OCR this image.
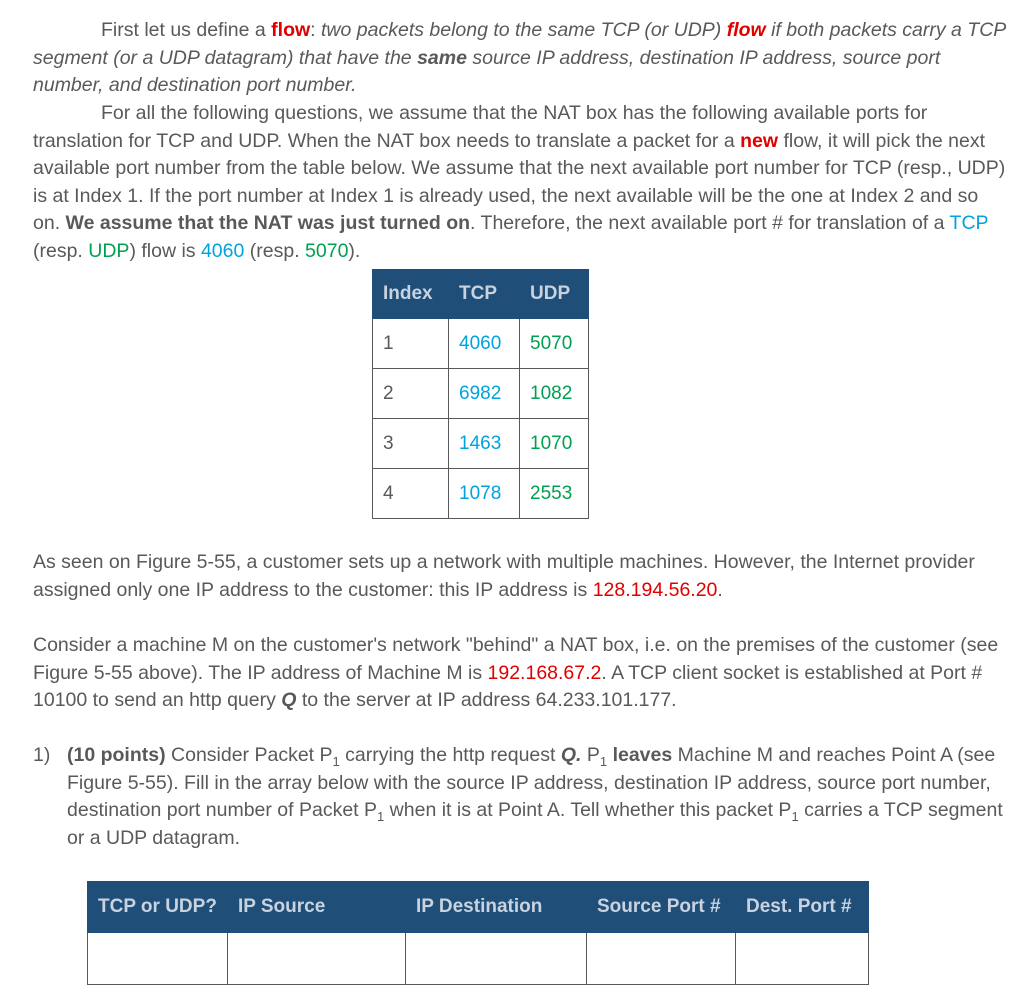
First let us define a flow: two packets belong to the same TCP (or UDP) flow if both packets carry a TCP segment (or a UDP datagram) that have the same source IP address, destination IP address, source port number, and destination port number.

For all the following questions, we assume that the NAT box has the following available ports for translation for TCP and UDP. When the NAT box needs to translate a packet for a new flow, it will pick the next available port number from the table below. We assume that the next available port number for TCP (resp., UDP) is at Index 1. If the port number at Index 1 is already used, the next available will be the one at Index 2 and so on. We assume that the NAT was just turned on. Therefore, the next available port # for translation of a TCP (resp. UDP) flow is 4060 (resp. 5070).

Index	TCP	UDP
1	4060	5070
2	6982	1082
3	1463	1070
4	1078	2553

As seen on Figure 5-55, a customer sets up a network with multiple machines. However, the Internet provider assigned only one IP address to the customer: this IP address is 128.194.56.20.

Consider a machine M on the customer's network "behind" a NAT box, i.e. on the premises of the customer (see Figure 5-55 above). The IP address of Machine M is 192.168.67.2. A TCP client socket is established at Port # 10100 to send an http query Q to the server at IP address 64.233.101.177.

1) (10 points) Consider Packet $P_1$ carrying the http request Q. $P_1$ leaves Machine M and reaches Point A (see Figure 5-55). Fill in the array below with the source IP address, destination IP address, source port number, destination port number of Packet $P_1$ when it is at Point A. Tell whether this packet $P_1$ carries a TCP segment or a UDP datagram.

TCP or UDP?	IP Source	IP Destination	Source Port #	Dest. Port #
